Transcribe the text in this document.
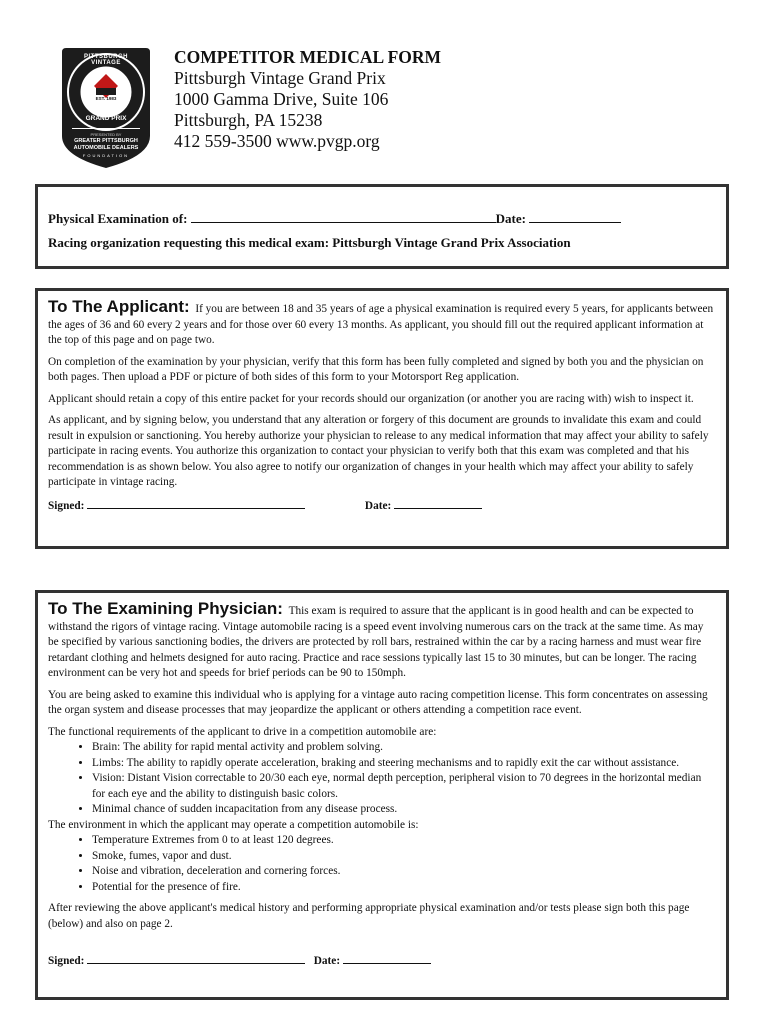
PITTSBURGH VINTAGE
GRAND PRIX
EST. 1983
PRESENTED BY
GREATER PITTSBURGH
AUTOMOBILE DEALERS
FOUNDATION
COMPETITOR MEDICAL FORM
Pittsburgh Vintage Grand Prix
1000 Gamma Drive, Suite 106
Pittsburgh, PA 15238
412 559-3500 www.pvgp.org

Physical Examination of:	Date:

Racing organization requesting this medical exam: Pittsburgh Vintage Grand Prix Association

To The Applicant: If you are between 18 and 35 years of age a physical examination is required every 5 years, for applicants between the ages of 36 and 60 every 2 years and for those over 60 every 13 months. As applicant, you should fill out the required applicant information at the top of this page and on page two.

On completion of the examination by your physician, verify that this form has been fully completed and signed by both you and the physician on both pages. Then upload a PDF or picture of both sides of this form to your Motorsport Reg application.

Applicant should retain a copy of this entire packet for your records should our organization (or another you are racing with) wish to inspect it.

As applicant, and by signing below, you understand that any alteration or forgery of this document are grounds to invalidate this exam and could result in expulsion or sanctioning. You hereby authorize your physician to release to any medical information that may affect your ability to safely participate in racing events. You authorize this organization to contact your physician to verify both that this exam was completed and that his recommendation is as shown below. You also agree to notify our organization of changes in your health which may affect your ability to safely participate in vintage racing.

Signed:	Date:

To The Examining Physician: This exam is required to assure that the applicant is in good health and can be expected to withstand the rigors of vintage racing. Vintage automobile racing is a speed event involving numerous cars on the track at the same time. As may be specified by various sanctioning bodies, the drivers are protected by roll bars, restrained within the car by a racing harness and must wear fire retardant clothing and helmets designed for auto racing. Practice and race sessions typically last 15 to 30 minutes, but can be longer. The racing environment can be very hot and speeds for brief periods can be 90 to 150mph.

You are being asked to examine this individual who is applying for a vintage auto racing competition license. This form concentrates on assessing the organ system and disease processes that may jeopardize the applicant or others attending a competition race event.

The functional requirements of the applicant to drive in a competition automobile are:

• Brain: The ability for rapid mental activity and problem solving.
• Limbs: The ability to rapidly operate acceleration, braking and steering mechanisms and to rapidly exit the car without assistance.
• Vision: Distant Vision correctable to 20/30 each eye, normal depth perception, peripheral vision to 70 degrees in the horizontal median for each eye and the ability to distinguish basic colors.
• Minimal chance of sudden incapacitation from any disease process.

The environment in which the applicant may operate a competition automobile is:

• Temperature Extremes from 0 to at least 120 degrees.
• Smoke, fumes, vapor and dust.
• Noise and vibration, deceleration and cornering forces.
• Potential for the presence of fire.

After reviewing the above applicant's medical history and performing appropriate physical examination and/or tests please sign both this page (below) and also on page 2.

Signed:	Date:
